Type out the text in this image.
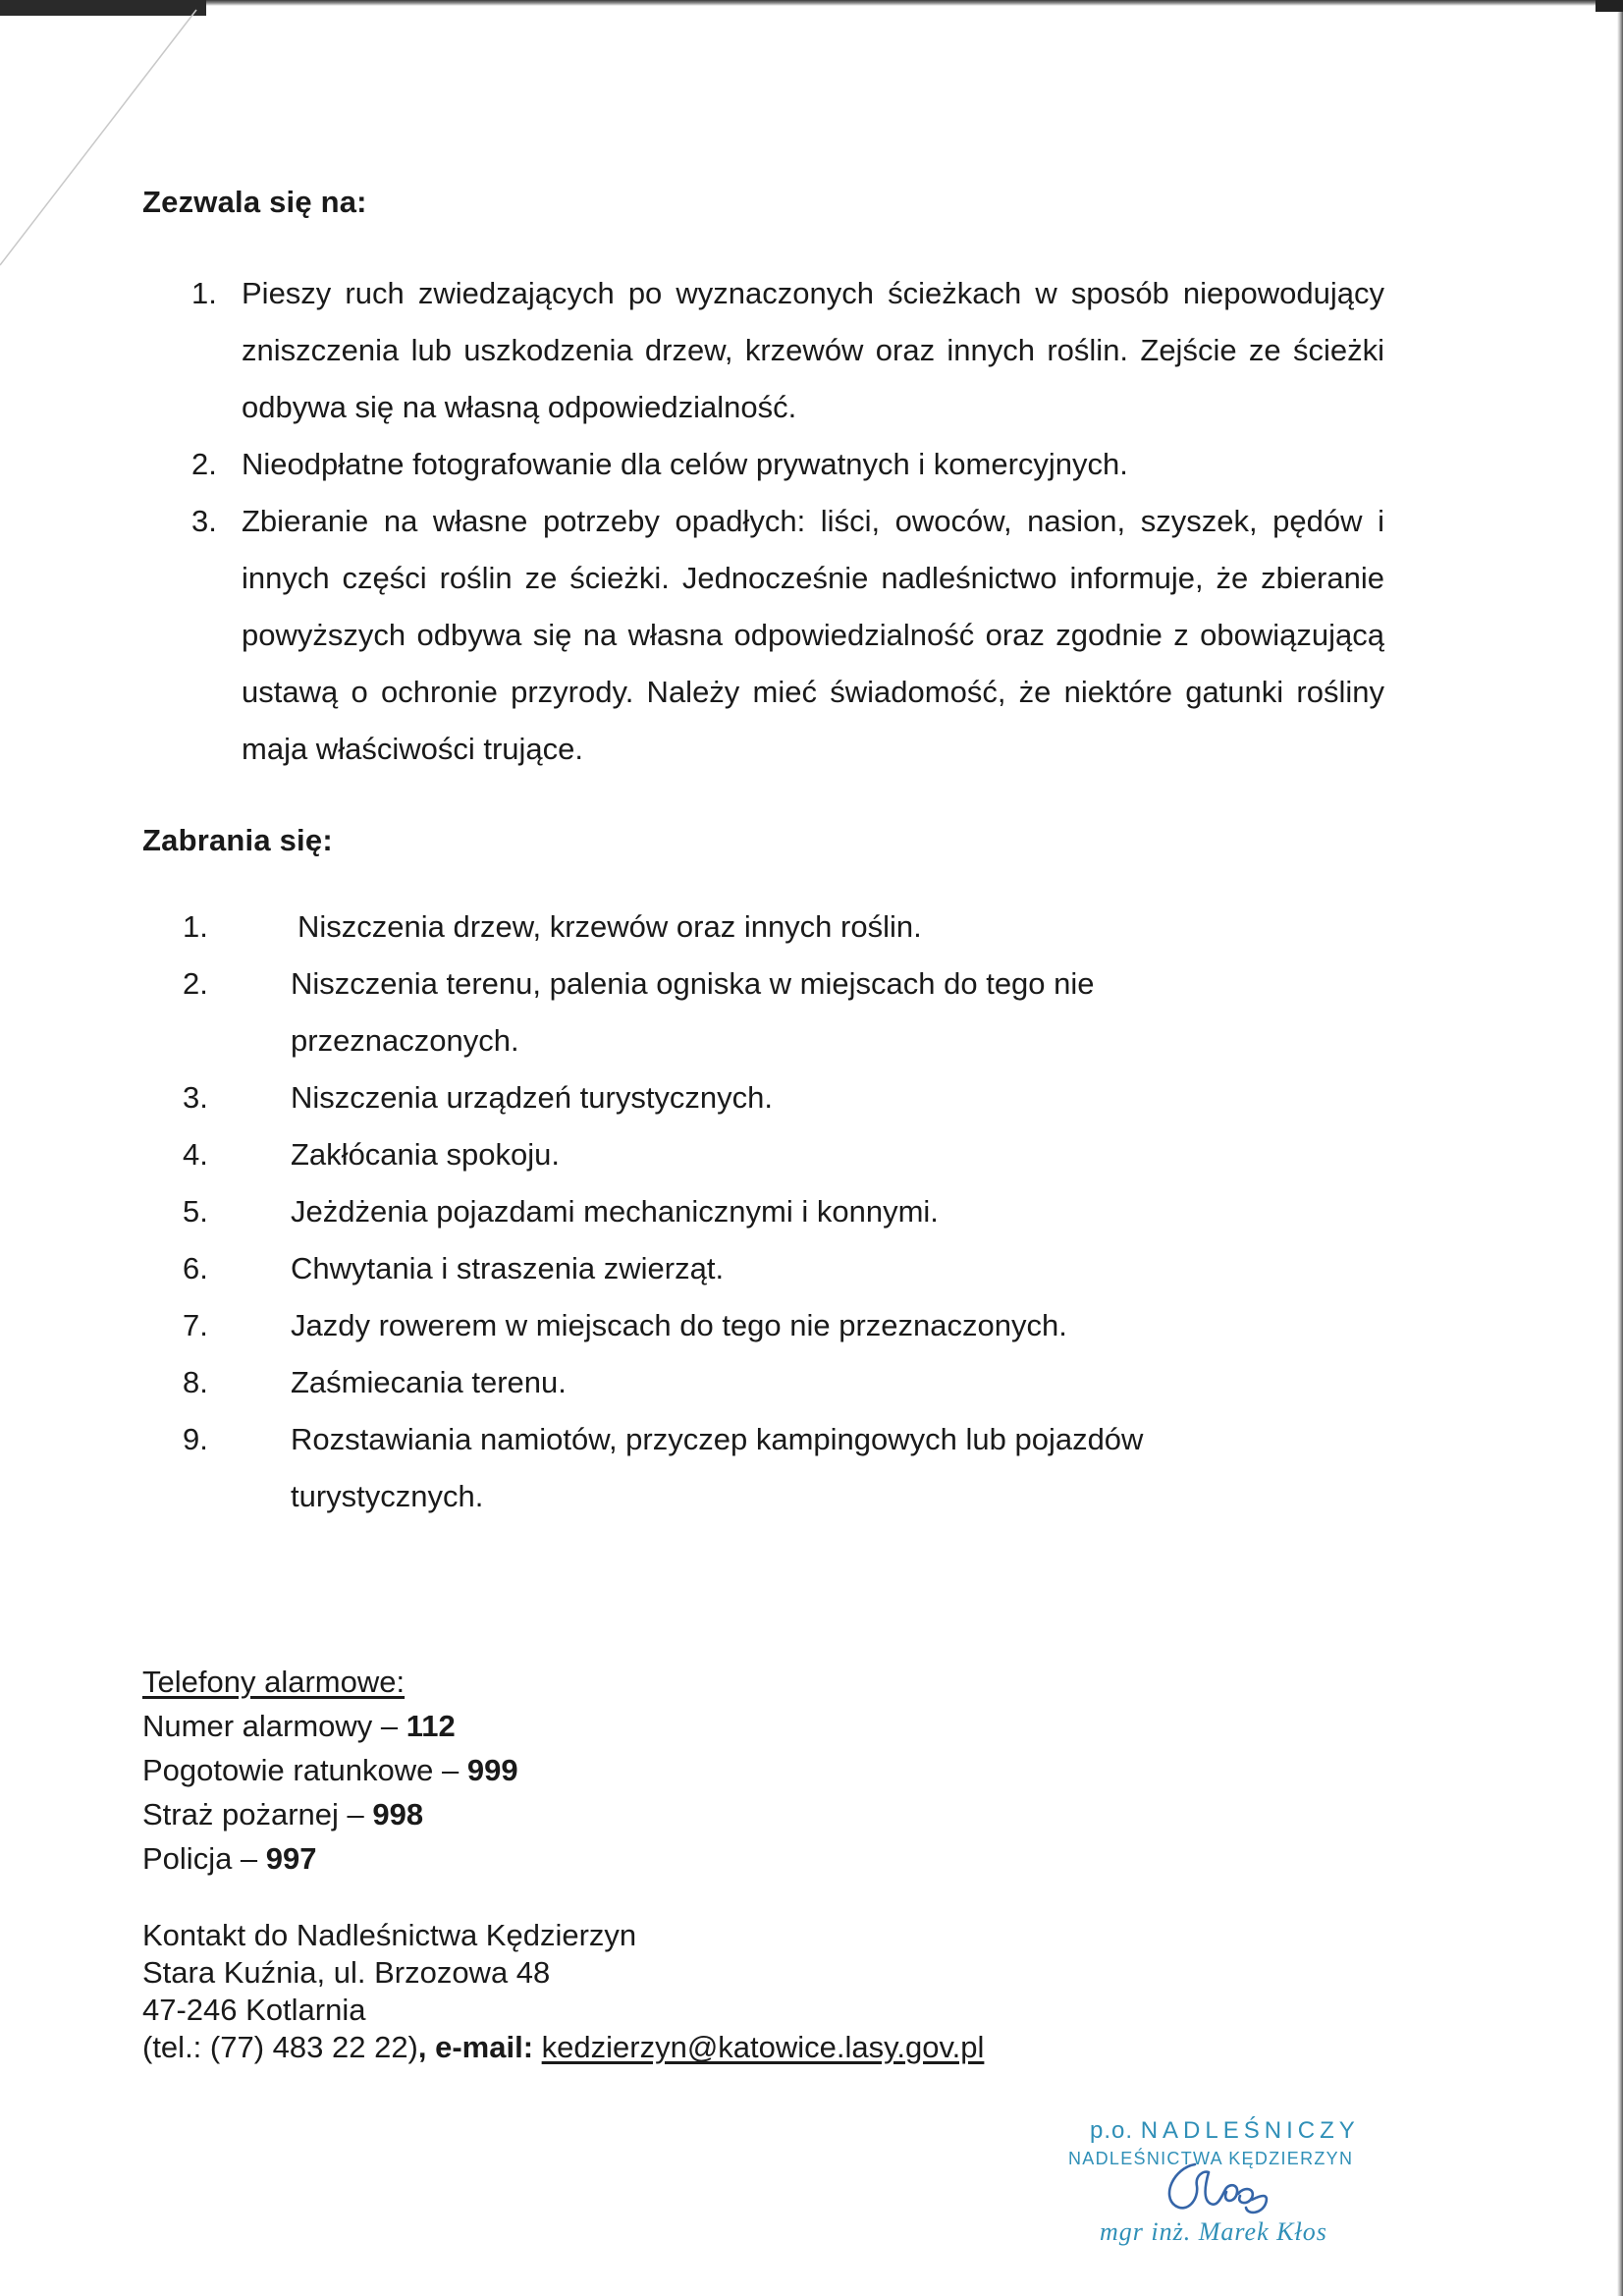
Zezwala się na:
1. Pieszy ruch zwiedzających po wyznaczonych ścieżkach w sposób niepowodujący zniszczenia lub uszkodzenia drzew, krzewów oraz innych roślin. Zejście ze ścieżki odbywa się na własną odpowiedzialność.
2. Nieodpłatne fotografowanie dla celów prywatnych i komercyjnych.
3. Zbieranie na własne potrzeby opadłych: liści, owoców, nasion, szyszek, pędów i innych części roślin ze ścieżki. Jednocześnie nadleśnictwo informuje, że zbieranie powyższych odbywa się na własna odpowiedzialność oraz zgodnie z obowiązującą ustawą o ochronie przyrody. Należy mieć świadomość, że niektóre gatunki rośliny maja właściwości trujące.
Zabrania się:
1.	Niszczenia drzew, krzewów oraz innych roślin.
2.	Niszczenia terenu, palenia ogniska w miejscach do tego nie przeznaczonych.
3.	Niszczenia urządzeń turystycznych.
4.	Zakłócania spokoju.
5.	Jeżdżenia pojazdami mechanicznymi i konnymi.
6.	Chwytania i straszenia zwierząt.
7.	Jazdy rowerem w miejscach do tego nie przeznaczonych.
8.	Zaśmiecania terenu.
9.	Rozstawiania namiotów, przyczep kampingowych lub pojazdów turystycznych.
Telefony alarmowe:
Numer alarmowy – 112
Pogotowie ratunkowe – 999
Straż pożarnej – 998
Policja – 997
Kontakt do Nadleśnictwa Kędzierzyn
Stara Kuźnia, ul. Brzozowa 48
47-246 Kotlarnia
(tel.: (77) 483 22 22), e-mail: kedzierzyn@katowice.lasy.gov.pl
p.o. NADLEŚNICZY
NADLEŚNICTWA KĘDZIERZYN
mgr inż. Marek Kłos
